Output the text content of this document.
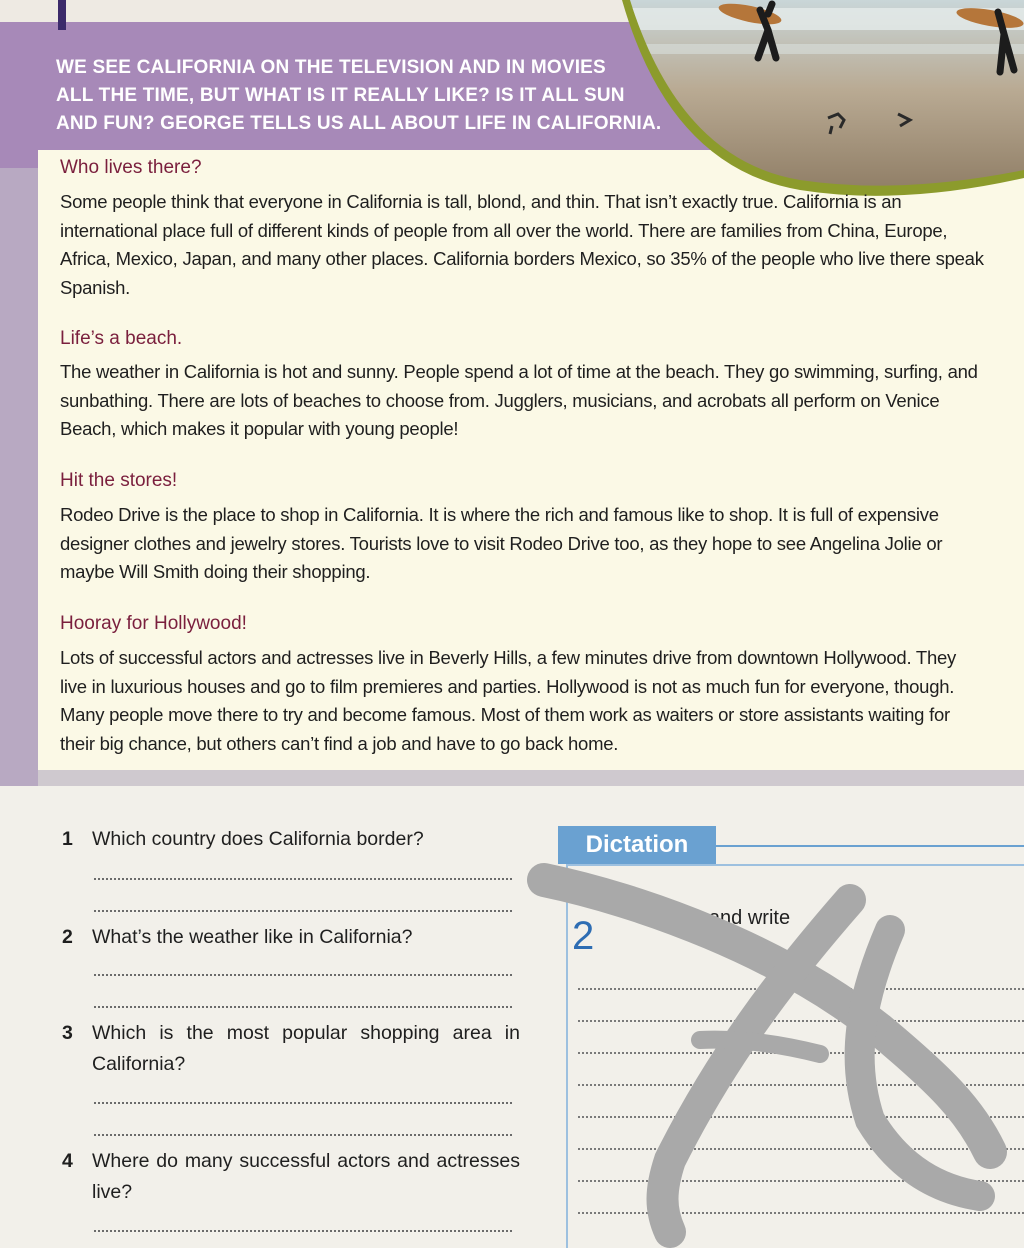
WE SEE CALIFORNIA ON THE TELEVISION AND IN MOVIES
ALL THE TIME, BUT WHAT IS IT REALLY LIKE? IS IT ALL SUN
AND FUN? GEORGE TELLS US ALL ABOUT LIFE IN CALIFORNIA.
Who lives there?
Some people think that everyone in California is tall, blond, and thin. That isn’t exactly true. California is an international place full of different kinds of people from all over the world. There are families from China, Europe, Africa, Mexico, Japan, and many other places. California borders Mexico, so 35% of the people who live there speak Spanish.
Life’s a beach.
The weather in California is hot and sunny. People spend a lot of time at the beach. They go swimming, surfing, and sunbathing. There are lots of beaches to choose from. Jugglers, musicians, and acrobats all perform on Venice Beach, which makes it popular with young people!
Hit the stores!
Rodeo Drive is the place to shop in California. It is where the rich and famous like to shop. It is full of expensive designer clothes and jewelry stores. Tourists love to visit Rodeo Drive too, as they hope to see Angelina Jolie or maybe Will Smith doing their shopping.
Hooray for Hollywood!
Lots of successful actors and actresses live in Beverly Hills, a few minutes drive from downtown Hollywood. They live in luxurious houses and go to film premieres and parties. Hollywood is not as much fun for everyone, though. Many people move there to try and become famous. Most of them work as waiters or store assistants waiting for their big chance, but others can’t find a job and have to go back home.
1 Which country does California border?
2 What’s the weather like in California?
3 Which is the most popular shopping area in California?
4 Where do many successful actors and actresses live?
Dictation
2	Listen and write
